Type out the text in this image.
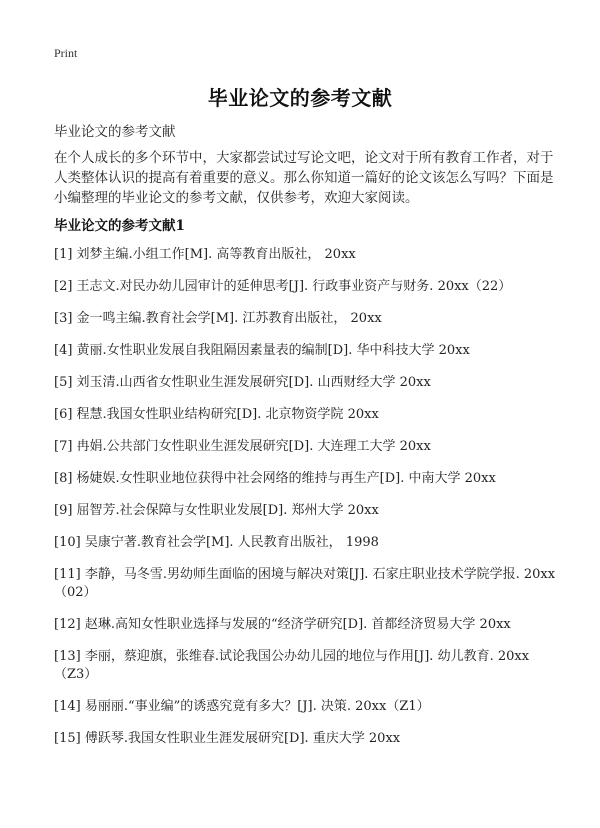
Print
毕业论文的参考文献
毕业论文的参考文献
在个人成长的多个环节中，大家都尝试过写论文吧，论文对于所有教育工作者，对于人类整体认识的提高有着重要的意义。那么你知道一篇好的论文该怎么写吗？下面是小编整理的毕业论文的参考文献，仅供参考，欢迎大家阅读。
毕业论文的参考文献1
[1] 刘梦主编.小组工作[M]. 高等教育出版社， 20xx
[2] 王志文.对民办幼儿园审计的延伸思考[J]. 行政事业资产与财务. 20xx（22）
[3] 金一鸣主编.教育社会学[M]. 江苏教育出版社， 20xx
[4] 黄丽.女性职业发展自我阻隔因素量表的编制[D]. 华中科技大学 20xx
[5] 刘玉清.山西省女性职业生涯发展研究[D]. 山西财经大学 20xx
[6] 程慧.我国女性职业结构研究[D]. 北京物资学院 20xx
[7] 冉娟.公共部门女性职业生涯发展研究[D]. 大连理工大学 20xx
[8] 杨婕娱.女性职业地位获得中社会网络的维持与再生产[D]. 中南大学 20xx
[9] 屈智芳.社会保障与女性职业发展[D]. 郑州大学 20xx
[10] 吴康宁著.教育社会学[M]. 人民教育出版社， 1998
[11] 李静，马冬雪.男幼师生面临的困境与解决对策[J]. 石家庄职业技术学院学报. 20xx（02）
[12] 赵琳.高知女性职业选择与发展的“经济学研究[D]. 首都经济贸易大学 20xx
[13] 李丽，蔡迎旗，张维春.试论我国公办幼儿园的地位与作用[J]. 幼儿教育. 20xx（Z3）
[14] 易丽丽.“事业编”的诱惑究竟有多大？[J]. 决策. 20xx（Z1）
[15] 傅跃琴.我国女性职业生涯发展研究[D]. 重庆大学 20xx
